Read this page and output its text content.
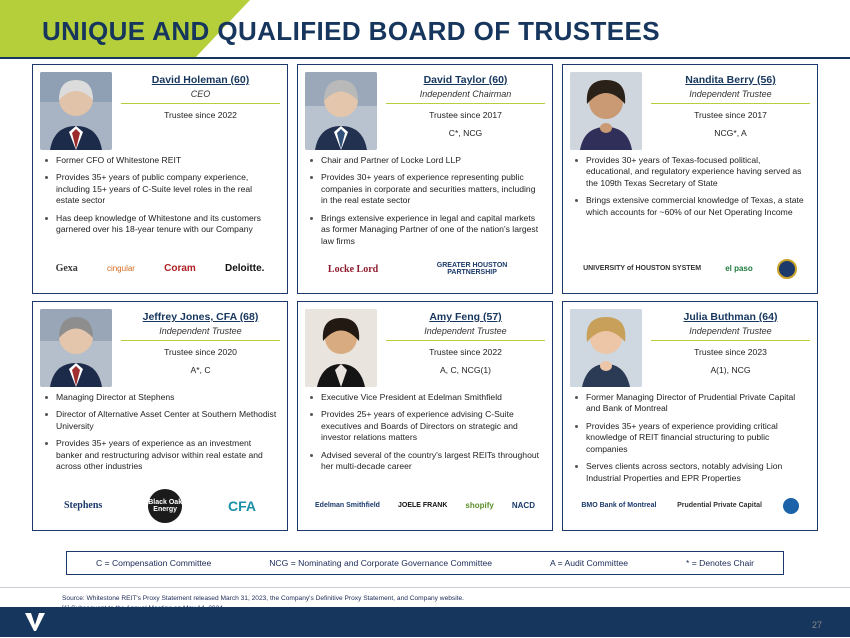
UNIQUE AND QUALIFIED BOARD OF TRUSTEES
David Holeman (60)
CEO
Trustee since 2022
Former CFO of Whitestone REIT
Provides 35+ years of public company experience, including 15+ years of C-Suite level roles in the real estate sector
Has deep knowledge of Whitestone and its customers garnered over his 18-year tenure with our Company
Gexa	cingular	Coram	Deloitte.
David Taylor (60)
Independent Chairman
Trustee since 2017
C*, NCG
Chair and Partner of Locke Lord LLP
Provides 30+ years of experience representing public companies in corporate and securities matters, including in the real estate sector
Brings extensive experience in legal and capital markets as former Managing Partner of one of the nation's largest law firms
Locke Lord	GREATER HOUSTON PARTNERSHIP
Nandita Berry (56)
Independent Trustee
Trustee since 2017
NCG*, A
Provides 30+ years of Texas-focused political, educational, and regulatory experience having served as the 109th Texas Secretary of State
Brings extensive commercial knowledge of Texas, a state which accounts for ~60% of our Net Operating Income
UNIVERSITY of HOUSTON SYSTEM	el paso
Jeffrey Jones, CFA (68)
Independent Trustee
Trustee since 2020
A*, C
Managing Director at Stephens
Director of Alternative Asset Center at Southern Methodist University
Provides 35+ years of experience as an investment banker and restructuring advisor within real estate and across other industries
Stephens	Black Oak Energy	CFA
Amy Feng (57)
Independent Trustee
Trustee since 2022
A, C, NCG(1)
Executive Vice President at Edelman Smithfield
Provides 25+ years of experience advising C-Suite executives and Boards of Directors on strategic and investor relations matters
Advised several of the country's largest REITs throughout her multi-decade career
Edelman Smithfield	JOELE FRANK shopify NACD
Julia Buthman (64)
Independent Trustee
Trustee since 2023
A(1), NCG
Former Managing Director of Prudential Private Capital and Bank of Montreal
Provides 35+ years of experience providing critical knowledge of REIT financial structuring to public companies
Serves clients across sectors, notably advising Lion Industrial Properties and EPR Properties
BMO Bank of Montreal	Prudential Private Capital
C = Compensation Committee	NCG = Nominating and Corporate Governance Committee	A = Audit Committee	* = Denotes Chair
Source: Whitestone REIT's Proxy Statement released March 31, 2023, the Company's Definitive Proxy Statement, and Company website.
27
